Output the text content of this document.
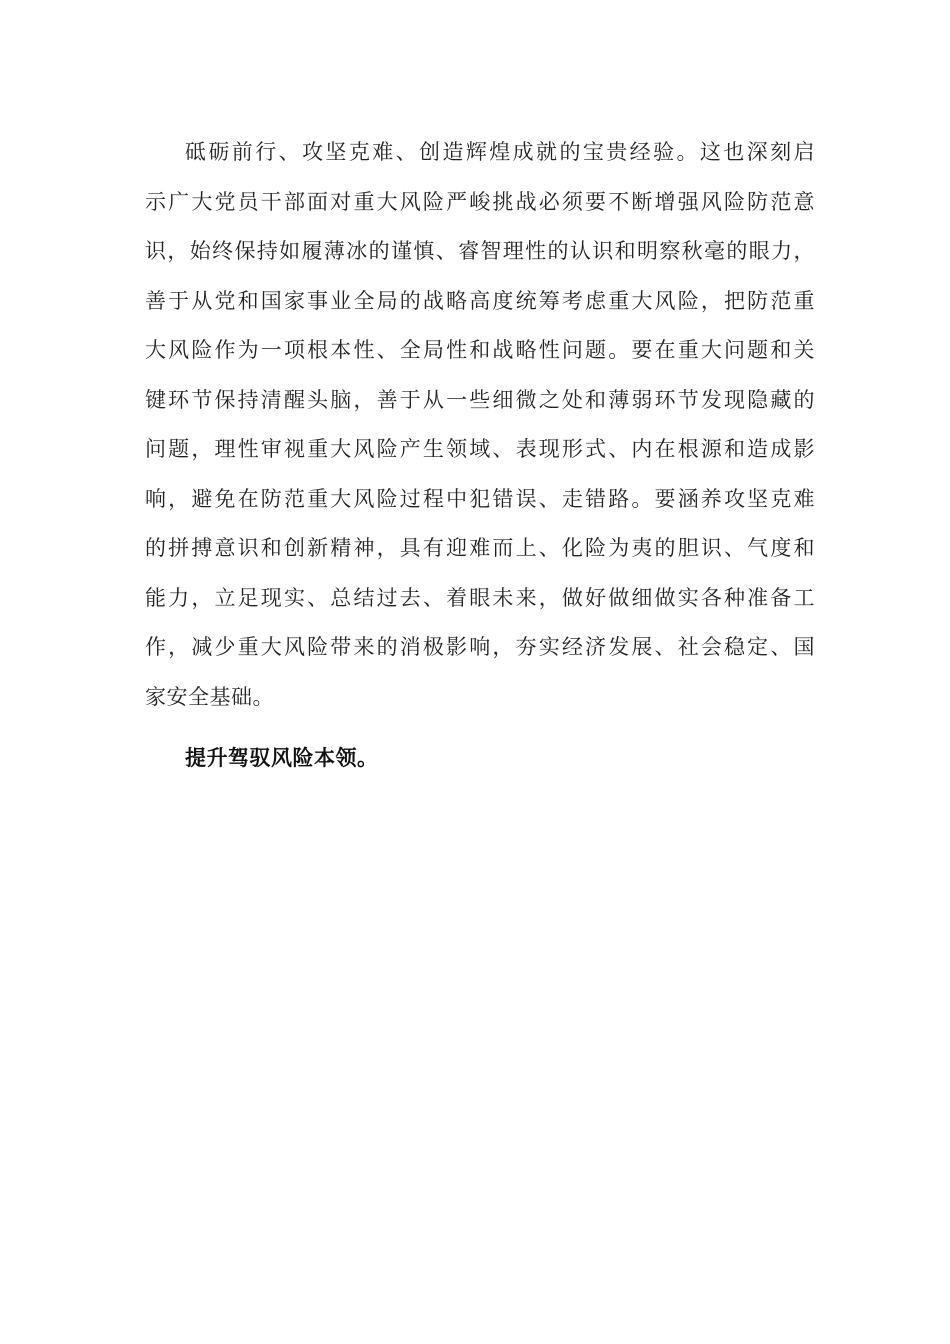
砥砺前行、攻坚克难、创造辉煌成就的宝贵经验。这也深刻启
示广大党员干部面对重大风险严峻挑战必须要不断增强风险防范意
识，始终保持如履薄冰的谨慎、睿智理性的认识和明察秋毫的眼力，
善于从党和国家事业全局的战略高度统筹考虑重大风险，把防范重
大风险作为一项根本性、全局性和战略性问题。要在重大问题和关
键环节保持清醒头脑，善于从一些细微之处和薄弱环节发现隐藏的
问题，理性审视重大风险产生领域、表现形式、内在根源和造成影
响，避免在防范重大风险过程中犯错误、走错路。要涵养攻坚克难
的拼搏意识和创新精神，具有迎难而上、化险为夷的胆识、气度和
能力，立足现实、总结过去、着眼未来，做好做细做实各种准备工
作，减少重大风险带来的消极影响，夯实经济发展、社会稳定、国
家安全基础。
提升驾驭风险本领。
